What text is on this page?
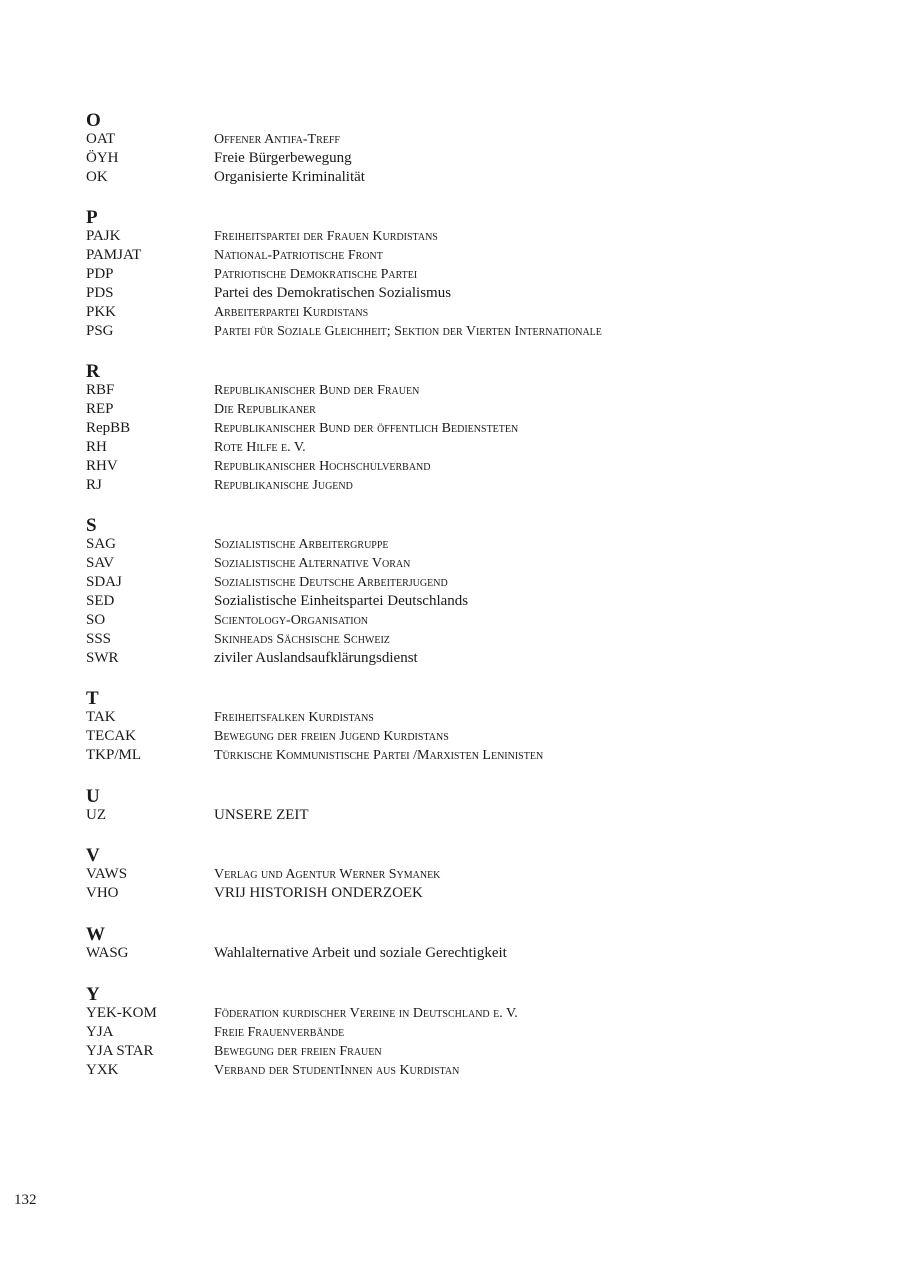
O
OAT	Offener Antifa-Treff
ÖYH	Freie Bürgerbewegung
OK	Organisierte Kriminalität
P
PAJK	Freiheitspartei der Frauen Kurdistans
PAMJAT	National-Patriotische Front
PDP	Patriotische Demokratische Partei
PDS	Partei des Demokratischen Sozialismus
PKK	Arbeiterpartei Kurdistans
PSG	Partei für Soziale Gleichheit; Sektion der Vierten Internationale
R
RBF	Republikanischer Bund der Frauen
REP	Die Republikaner
RepBB	Republikanischer Bund der öffentlich Bediensteten
RH	Rote Hilfe e. V.
RHV	Republikanischer Hochschulverband
RJ	Republikanische Jugend
S
SAG	Sozialistische Arbeitergruppe
SAV	Sozialistische Alternative Voran
SDAJ	Sozialistische Deutsche Arbeiterjugend
SED	Sozialistische Einheitspartei Deutschlands
SO	Scientology-Organisation
SSS	Skinheads Sächsische Schweiz
SWR	ziviler Auslandsaufklärungsdienst
T
TAK	Freiheitsfalken Kurdistans
TECAK	Bewegung der freien Jugend Kurdistans
TKP/ML	Türkische Kommunistische Partei /Marxisten Leninisten
U
UZ	UNSERE ZEIT
V
VAWS	Verlag und Agentur Werner Symanek
VHO	VRIJ HISTORISH ONDERZOEK
W
WASG	Wahlalternative Arbeit und soziale Gerechtigkeit
Y
YEK-KOM	Föderation kurdischer Vereine in Deutschland e. V.
YJA	Freie Frauenverbände
YJA STAR	Bewegung der freien Frauen
YXK	Verband der StudentInnen aus Kurdistan
132
